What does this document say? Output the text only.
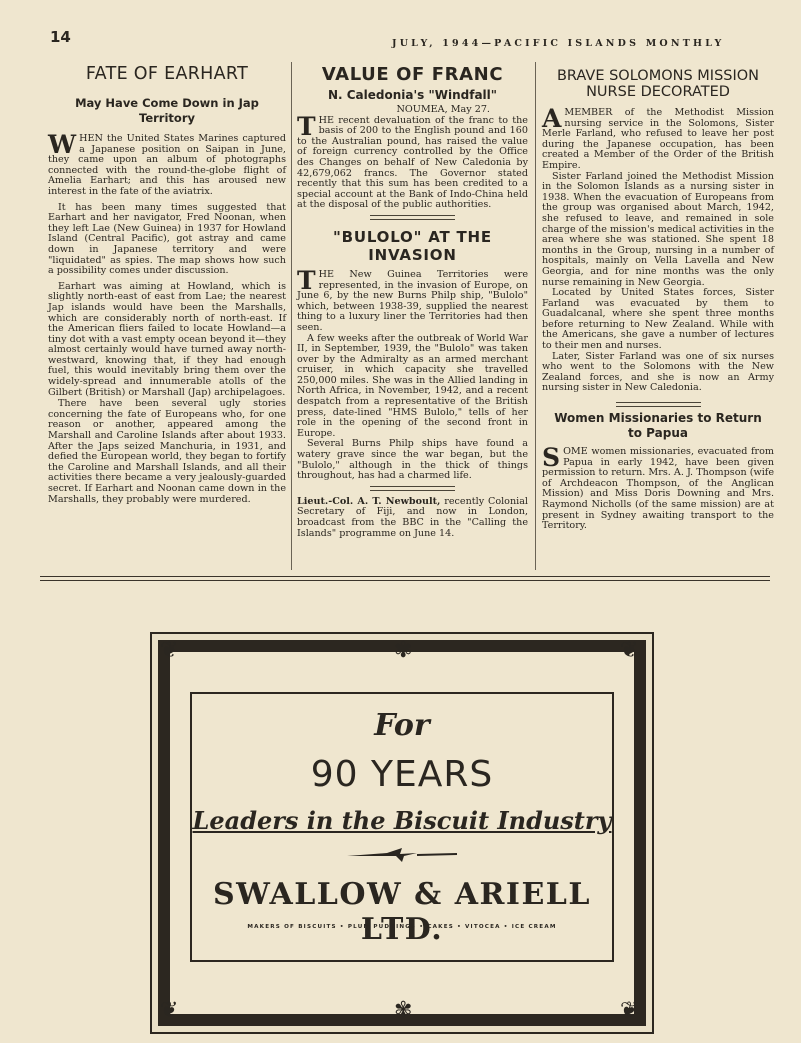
14	JULY, 1944—PACIFIC ISLANDS MONTHLY
FATE OF EARHART
May Have Come Down in Jap Territory

WHEN the United States Marines captured a Japanese position on Saipan in June, they came upon an album of photographs connected with the round-the-globe flight of Amelia Earhart; and this has aroused new interest in the fate of the aviatrix.

It has been many times suggested that Earhart and her navigator, Fred Noonan, when they left Lae (New Guinea) in 1937 for Howland Island (Central Pacific), got astray and came down in Japanese territory and were "liquidated" as spies. The map shows how such a possibility comes under discussion.

Earhart was aiming at Howland, which is slightly north-east of east from Lae; the nearest Jap islands would have been the Marshalls, which are considerably north of north-east. If the American fliers failed to locate Howland—a tiny dot with a vast empty ocean beyond it—they almost certainly would have turned away north-westward, knowing that, if they had enough fuel, this would inevitably bring them over the widely-spread and innumerable atolls of the Gilbert (British) or Marshall (Jap) archipelagoes.

There have been several ugly stories concerning the fate of Europeans who, for one reason or another, appeared among the Marshall and Caroline Islands after about 1933. After the Japs seized Manchuria, in 1931, and defied the European world, they began to fortify the Caroline and Marshall Islands, and all their activities there became a very jealously-guarded secret. If Earhart and Noonan came down in the Marshalls, they probably were murdered.

VALUE OF FRANC
N. Caledonia's "Windfall"
NOUMEA, May 27.

THE recent devaluation of the franc to the basis of 200 to the English pound and 160 to the Australian pound, has raised the value of foreign currency controlled by the Office des Changes on behalf of New Caledonia by 42,679,062 francs. The Governor stated recently that this sum has been credited to a special account at the Bank of Indo-China held at the disposal of the public authorities.

"BULOLO" AT THE INVASION

THE New Guinea Territories were represented, in the invasion of Europe, on June 6, by the new Burns Philp ship, "Bulolo" which, between 1938-39, supplied the nearest thing to a luxury liner the Territories had then seen.

A few weeks after the outbreak of World War II, in September, 1939, the "Bulolo" was taken over by the Admiralty as an armed merchant cruiser, in which capacity she travelled 250,000 miles. She was in the Allied landing in North Africa, in November, 1942, and a recent despatch from a representative of the British press, date-lined "HMS Bulolo," tells of her role in the opening of the second front in Europe.

Several Burns Philp ships have found a watery grave since the war began, but the "Bulolo," although in the thick of things throughout, has had a charmed life.

Lieut.-Col. A. T. Newboult, recently Colonial Secretary of Fiji, and now in London, broadcast from the BBC in the "Calling the Islands" programme on June 14.
BRAVE SOLOMONS MISSION NURSE DECORATED

AMEMBER of the Methodist Mission nursing service in the Solomons, Sister Merle Farland, who refused to leave her post during the Japanese occupation, has been created a Member of the Order of the British Empire.

Sister Farland joined the Methodist Mission in the Solomon Islands as a nursing sister in 1938. When the evacuation of Europeans from the group was organised about March, 1942, she refused to leave, and remained in sole charge of the mission's medical activities in the area where she was stationed. She spent 18 months in the Group, nursing in a number of hospitals, mainly on Vella Lavella and New Georgia, and for nine months was the only nurse remaining in New Georgia.

Located by United States forces, Sister Farland was evacuated by them to Guadalcanal, where she spent three months before returning to New Zealand. While with the Americans, she gave a number of lectures to their men and nurses.

Later, Sister Farland was one of six nurses who went to the Solomons with the New Zealand forces, and she is now an Army nursing sister in New Caledonia.

Women Missionaries to Return to Papua

SOME women missionaries, evacuated from Papua in early 1942, have been given permission to return. Mrs. A. J. Thompson (wife of Archdeacon Thompson, of the Anglican Mission) and Miss Doris Downing and Mrs. Raymond Nicholls (of the same mission) are at present in Sydney awaiting transport to the Territory.

❦	❦
❦	❦
✾
✾
For
90 YEARS
Leaders in the Biscuit Industry
SWALLOW & ARIELL LTD.
MAKERS OF BISCUITS • PLUM PUDDINGS • CAKES • VITOCEA • ICE CREAM
